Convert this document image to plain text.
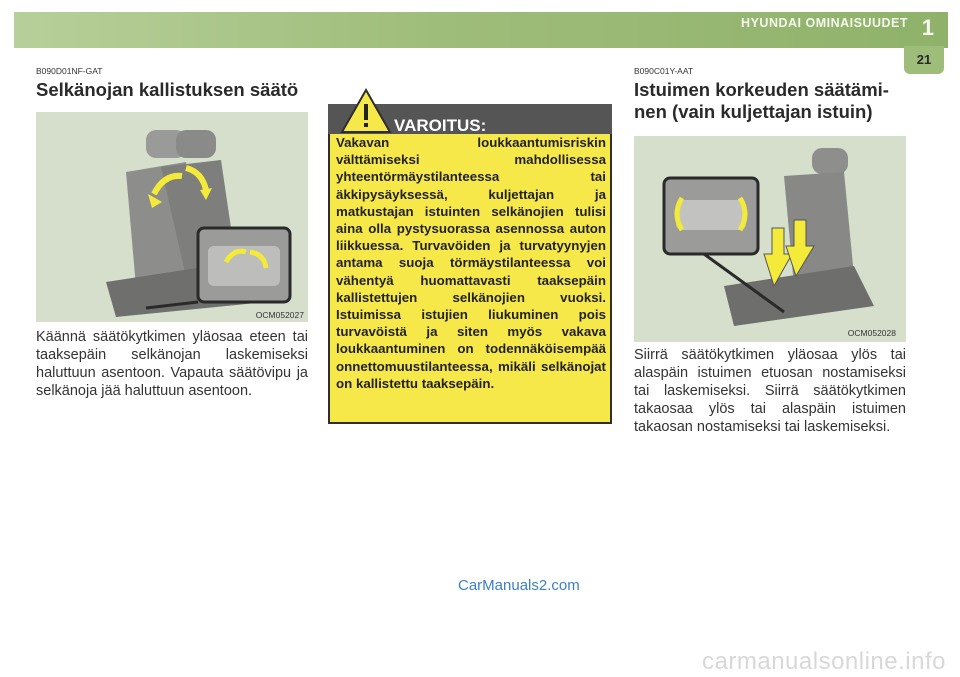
HYUNDAI OMINAISUUDET 1
21
B090D01NF-GAT
Selkänojan kallistuksen säätö
OCM052027
Käännä säätökytkimen yläosaa eteen tai taaksepäin selkänojan laskemiseksi haluttuun asentoon. Vapauta säätövipu ja selkänoja jää haluttuun asentoon.
VAROITUS:
Vakavan loukkaantumisriskin välttämiseksi mahdollisessa yhteentörmäystilanteessa tai äkkipysäyksessä, kuljettajan ja matkustajan istuinten selkänojien tulisi aina olla pystysuorassa asennossa auton liikkuessa. Turvavöiden ja turvatyynyjen antama suoja törmäystilanteessa voi vähentyä huomattavasti taaksepäin kallistettujen selkänojien vuoksi. Istuimissa istujien liukuminen pois turvavöistä ja siten myös vakava loukkaantuminen on todennäköisempää onnettomuustilanteessa, mikäli selkänojat on kallistettu taaksepäin.
B090C01Y-AAT
Istuimen korkeuden säätämi-
nen (vain kuljettajan istuin)
OCM052028
Siirrä säätökytkimen yläosaa ylös tai alaspäin istuimen etuosan nostamiseksi tai laskemiseksi. Siirrä säätökytkimen takaosaa ylös tai alaspäin istuimen takaosan nostamiseksi tai laskemiseksi.
CarManuals2.com
carmanualsonline.info
